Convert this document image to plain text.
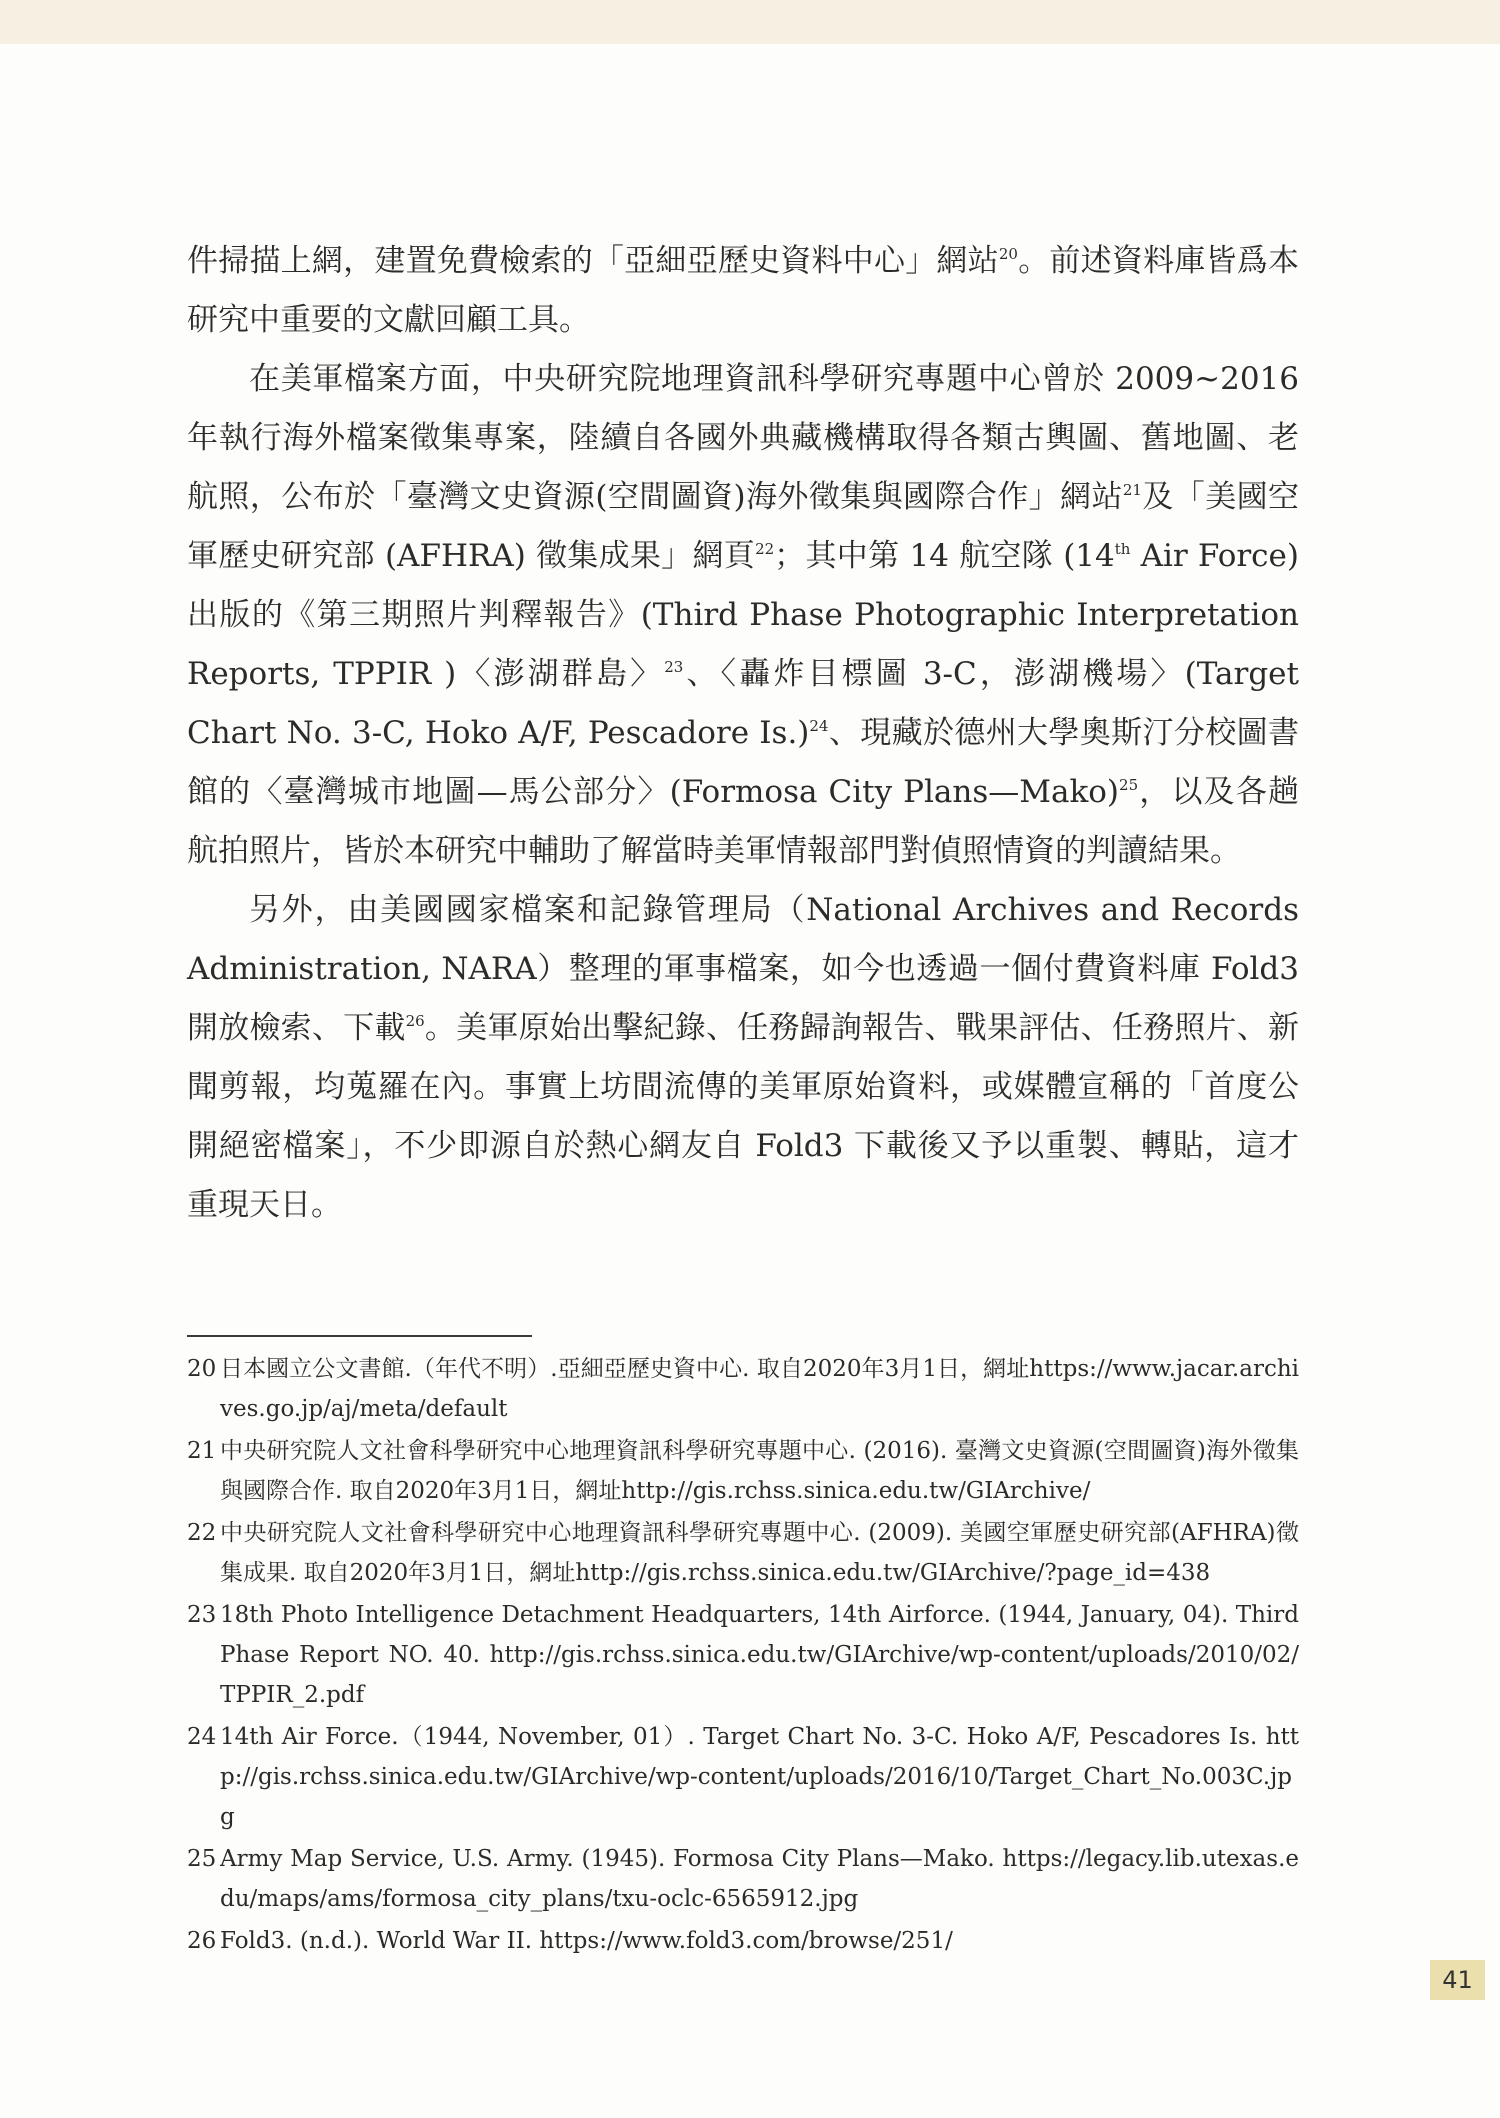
件掃描上網，建置免費檢索的「亞細亞歷史資料中心」網站$^{20}$。前述資料庫皆爲本研究中重要的文獻回顧工具。

在美軍檔案方面，中央研究院地理資訊科學研究專題中心曾於 2009~2016 年執行海外檔案徵集專案，陸續自各國外典藏機構取得各類古輿圖、舊地圖、老航照，公布於「臺灣文史資源(空間圖資)海外徵集與國際合作」網站$^{21}$及「美國空軍歷史研究部 (AFHRA) 徵集成果」網頁$^{22}$；其中第 14 航空隊 (14th Air Force) 出版的《第三期照片判釋報告》(Third Phase Photographic Interpretation Reports, TPPIR )〈澎湖群島〉$^{23}$、〈轟炸目標圖 3-C，澎湖機場〉(Target Chart No. 3-C, Hoko A/F, Pescadore Is.)$^{24}$、現藏於德州大學奧斯汀分校圖書館的〈臺灣城市地圖—馬公部分〉(Formosa City Plans—Mako)$^{25}$，以及各趟航拍照片，皆於本研究中輔助了解當時美軍情報部門對偵照情資的判讀結果。

另外，由美國國家檔案和記錄管理局（National Archives and Records Administration, NARA）整理的軍事檔案，如今也透過一個付費資料庫 Fold3 開放檢索、下載$^{26}$。美軍原始出擊紀錄、任務歸詢報告、戰果評估、任務照片、新聞剪報，均蒐羅在內。事實上坊間流傳的美軍原始資料，或媒體宣稱的「首度公開絕密檔案」，不少即源自於熱心網友自 Fold3 下載後又予以重製、轉貼，這才重現天日。

20 日本國立公文書館.（年代不明）.亞細亞歷史資中心. 取自2020年3月1日，網址https://www.jacar.archives.go.jp/aj/meta/default
21 中央研究院人文社會科學研究中心地理資訊科學研究專題中心. (2016). 臺灣文史資源(空間圖資)海外徵集與國際合作. 取自2020年3月1日，網址http://gis.rchss.sinica.edu.tw/GIArchive/
22 中央研究院人文社會科學研究中心地理資訊科學研究專題中心. (2009). 美國空軍歷史研究部(AFHRA)徵集成果. 取自2020年3月1日，網址http://gis.rchss.sinica.edu.tw/GIArchive/?page_id=438
23 18th Photo Intelligence Detachment Headquarters, 14th Airforce. (1944, January, 04). Third Phase Report NO. 40. http://gis.rchss.sinica.edu.tw/GIArchive/wp-content/uploads/2010/02/TPPIR_2.pdf
24 14th Air Force.（1944, November, 01）. Target Chart No. 3-C. Hoko A/F, Pescadores Is. http://gis.rchss.sinica.edu.tw/GIArchive/wp-content/uploads/2016/10/Target_Chart_No.003C.jpg
25 Army Map Service, U.S. Army. (1945). Formosa City Plans—Mako. https://legacy.lib.utexas.edu/maps/ams/formosa_city_plans/txu-oclc-6565912.jpg
26 Fold3. (n.d.). World War II. https://www.fold3.com/browse/251/
41
